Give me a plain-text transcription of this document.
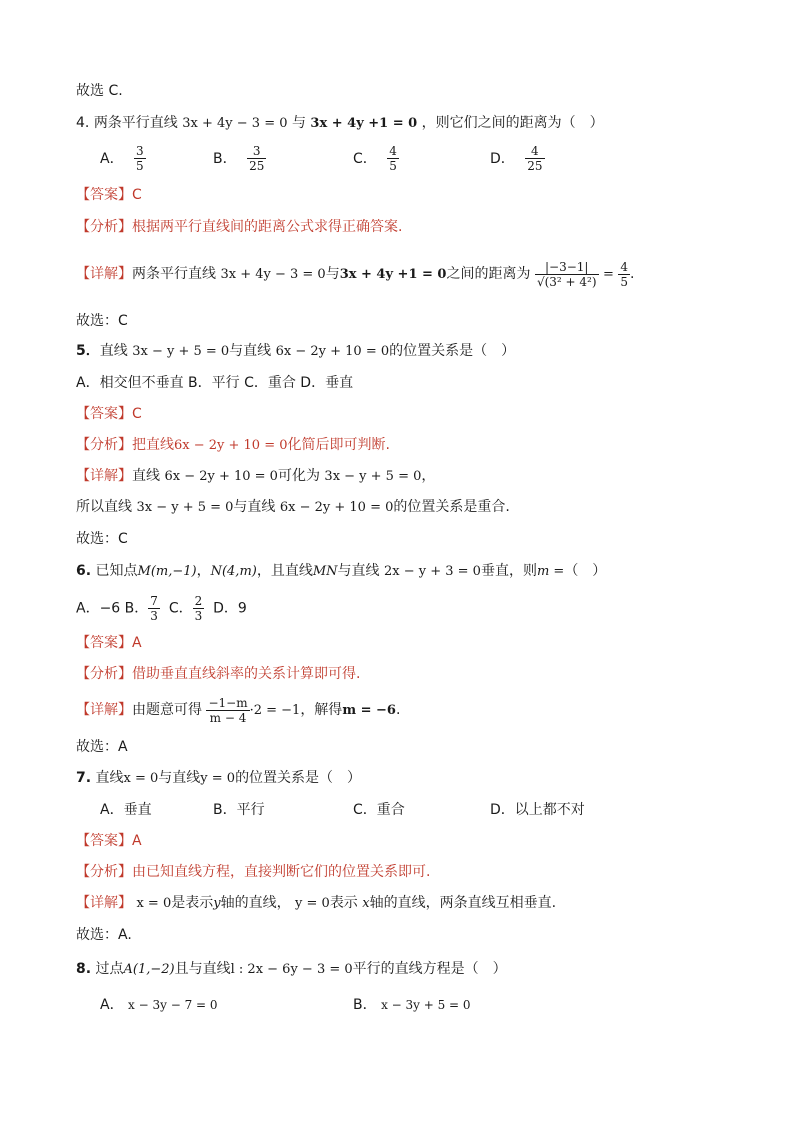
故选 C.
4. 两条平行直线 3x + 4y − 3 = 0 与 3x + 4y +1 = 0 ，则它们之间的距离为（　）
A． $\frac{3}{5}$	B． $\frac{3}{25}$	C． $\frac{4}{5}$	D． $\frac{4}{25}$
【答案】C
【分析】根据两平行直线间的距离公式求得正确答案.
【详解】两条平行直线 3x + 4y − 3 = 0与3x + 4y +1 = 0之间的距离为 $\frac{|-3-1|}{\text{√(3² + 4²)}} = \frac{4}{5}$ .
故选：C
5．直线 3x − y + 5 = 0与直线 6x − 2y + 10 = 0的位置关系是（　）
A．相交但不垂直 B．平行 C．重合 D．垂直
【答案】C
【分析】把直线6x − 2y + 10 = 0化简后即可判断.
【详解】直线 6x − 2y + 10 = 0可化为 3x − y + 5 = 0，
所以直线 3x − y + 5 = 0与直线 6x − 2y + 10 = 0的位置关系是重合.
故选：C
6. 已知点M(m,−1)，N(4,m)，且直线MN与直线 2x − y + 3 = 0垂直，则m =（　）
A．−6 B． $\frac{7}{3}$ C． $\frac{2}{3}$ D．9
【答案】A
【分析】借助垂直直线斜率的关系计算即可得.
【详解】由题意可得 $\frac{-1-m}{m - 4} \cdot 2 = -1$，解得m = −6.
故选：A
7. 直线x = 0与直线y = 0的位置关系是（　）
A．垂直	B．平行	C．重合	D．以上都不对
【答案】A
【分析】由已知直线方程，直接判断它们的位置关系即可.
【详解】 x = 0是表示y轴的直线， y = 0表示 x轴的直线，两条直线互相垂直.
故选：A.
8. 过点A(1,−2)且与直线l : 2x − 6y − 3 = 0平行的直线方程是（　）
A． x − 3y − 7 = 0	B． x − 3y + 5 = 0
